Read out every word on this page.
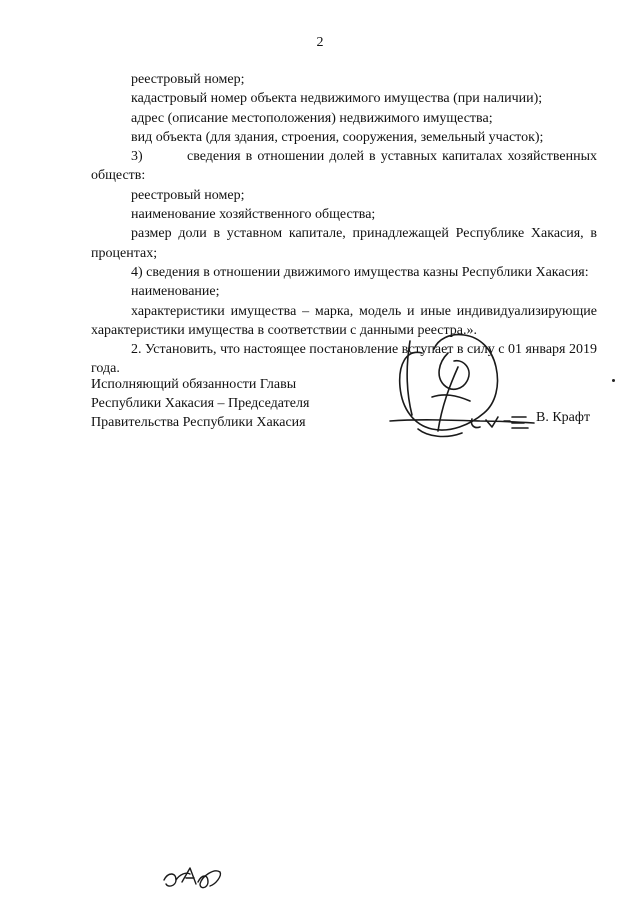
2

реестровый номер;

кадастровый номер объекта недвижимого имущества (при наличии);

адрес (описание местоположения) недвижимого имущества;

вид объекта (для здания, строения, сооружения, земельный участок);

3)	сведения в отношении долей в уставных капиталах хозяйственных

обществ:

реестровый номер;

наименование хозяйственного общества;

размер доли в уставном капитале, принадлежащей Республике Хакасия, в процентах;

4) сведения в отношении движимого имущества казны Республики Хакасия:

наименование;

характеристики имущества – марка, модель и иные индивидуализирующие характеристики имущества в соответствии с данными реестра.».

2. Установить, что настоящее постановление вступает в силу с 01 января 2019 года.

Исполняющий обязанности Главы
Республики Хакасия – Председателя
Правительства Республики Хакасия	В. Крафт
